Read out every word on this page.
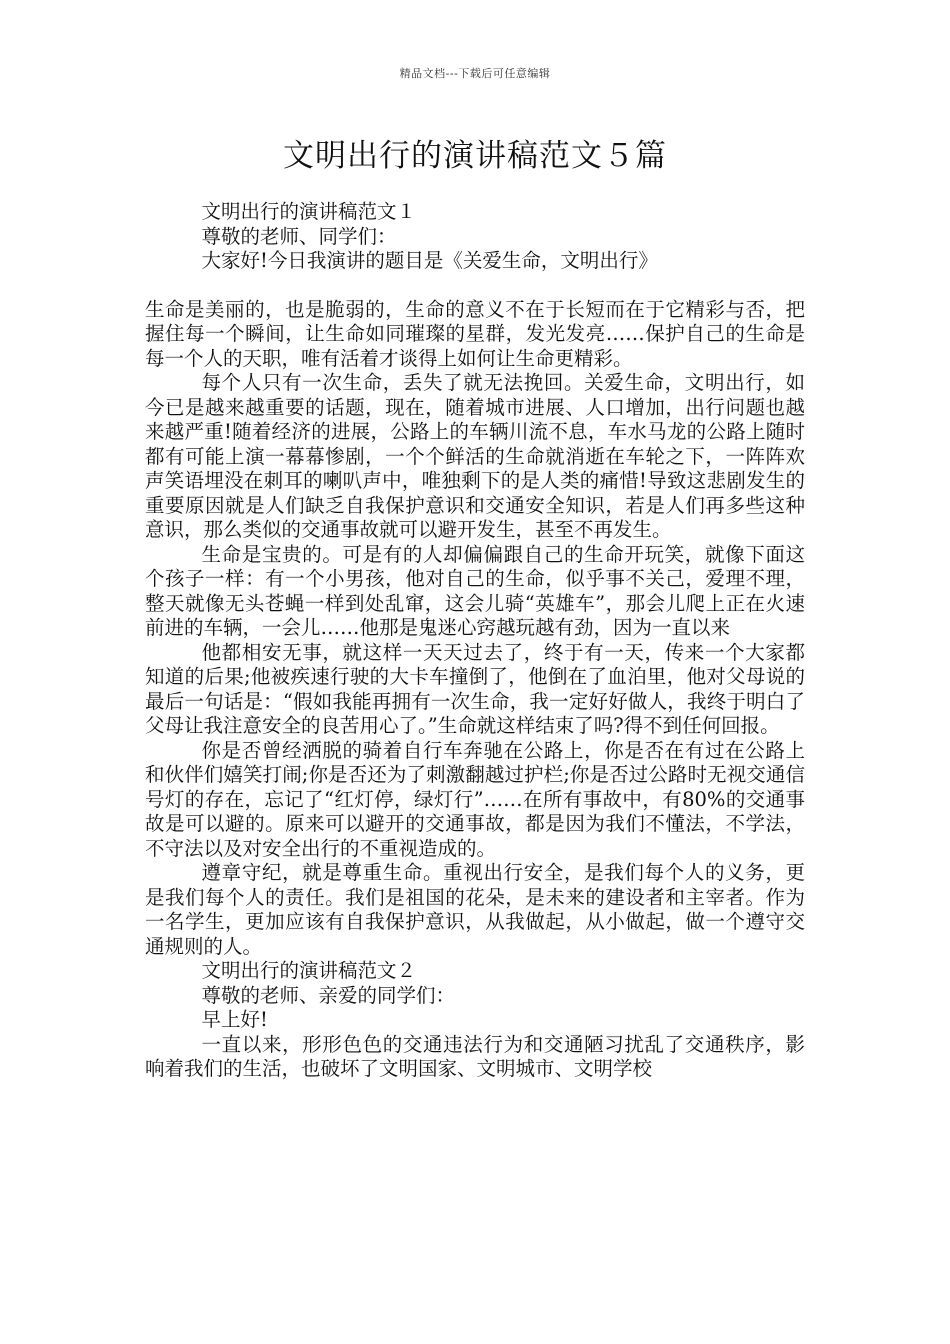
精品文档---下载后可任意编辑
文明出行的演讲稿范文５篇

文明出行的演讲稿范文１

尊敬的老师、同学们：

大家好!今日我演讲的题目是《关爱生命，文明出行》

生命是美丽的，也是脆弱的，生命的意义不在于长短而在于它精彩与否，把握住每一个瞬间，让生命如同璀璨的星群，发光发亮……保护自己的生命是每一个人的天职，唯有活着才谈得上如何让生命更精彩。

每个人只有一次生命，丢失了就无法挽回。关爱生命，文明出行，如今已是越来越重要的话题，现在，随着城市进展、人口增加，出行问题也越来越严重!随着经济的进展，公路上的车辆川流不息，车水马龙的公路上随时都有可能上演一幕幕惨剧，一个个鲜活的生命就消逝在车轮之下，一阵阵欢声笑语埋没在刺耳的喇叭声中，唯独剩下的是人类的痛惜!导致这悲剧发生的重要原因就是人们缺乏自我保护意识和交通安全知识，若是人们再多些这种意识，那么类似的交通事故就可以避开发生，甚至不再发生。

生命是宝贵的。可是有的人却偏偏跟自己的生命开玩笑，就像下面这个孩子一样：有一个小男孩，他对自己的生命，似乎事不关己，爱理不理，整天就像无头苍蝇一样到处乱窜，这会儿骑“英雄车”，那会儿爬上正在火速前进的车辆，一会儿……他那是鬼迷心窍越玩越有劲，因为一直以来

他都相安无事，就这样一天天过去了，终于有一天，传来一个大家都知道的后果;他被疾速行驶的大卡车撞倒了，他倒在了血泊里，他对父母说的最后一句话是：“假如我能再拥有一次生命，我一定好好做人，我终于明白了父母让我注意安全的良苦用心了。”生命就这样结束了吗?得不到任何回报。

你是否曾经洒脱的骑着自行车奔驰在公路上，你是否在有过在公路上和伙伴们嬉笑打闹;你是否还为了刺激翻越过护栏;你是否过公路时无视交通信号灯的存在，忘记了“红灯停，绿灯行”……在所有事故中，有80%的交通事故是可以避的。原来可以避开的交通事故，都是因为我们不懂法，不学法，不守法以及对安全出行的不重视造成的。

遵章守纪，就是尊重生命。重视出行安全，是我们每个人的义务，更是我们每个人的责任。我们是祖国的花朵，是未来的建设者和主宰者。作为一名学生，更加应该有自我保护意识，从我做起，从小做起，做一个遵守交通规则的人。

文明出行的演讲稿范文２

尊敬的老师、亲爱的同学们：

早上好!

一直以来，形形色色的交通违法行为和交通陋习扰乱了交通秩序，影响着我们的生活，也破坏了文明国家、文明城市、文明学校
